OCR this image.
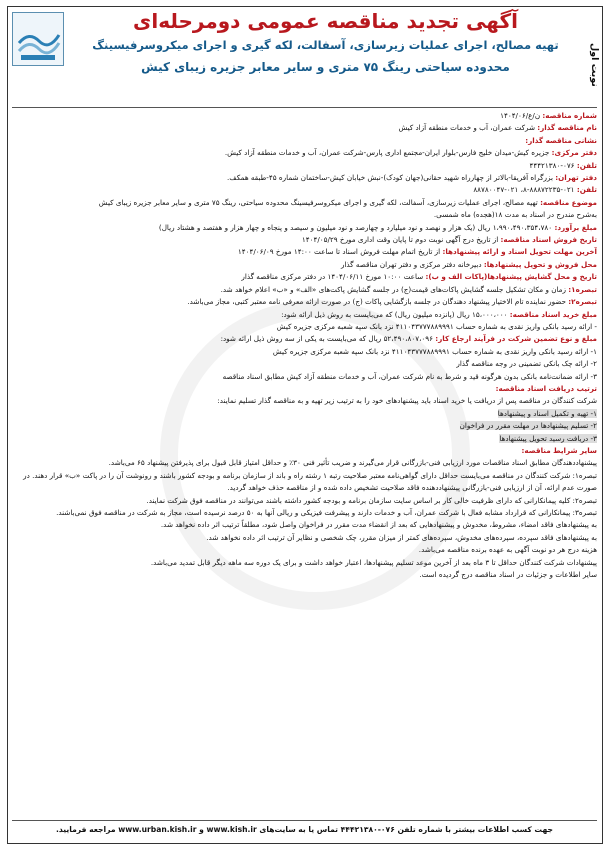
نوبت اول
آگهی تجدید مناقصه عمومی دومرحله‌ای
تهیه مصالح، اجرای عملیات زیرسازی، آسفالت، لکه گیری و اجرای میکروسرفیسینگ
محدوده سیاحتی رینگ ۷۵ متری و سایر معابر جزیره زیبای کیش

شماره مناقصه: ن/ع/۱۴۰۴/۰۶

نام مناقصه گذار: شرکت عمران، آب و خدمات منطقه آزاد کیش

نشانی مناقصه گذار:

دفتر مرکزی: جزیره کیش-میدان خلیج فارس-بلوار ایران-مجتمع اداری پارس-شرکت عمران، آب و خدمات منطقه آزاد کیش.

تلفن: ۰۷۶-۴۴۴۲۱۳۸۰

دفتر تهران: بزرگراه آفریقا-بالاتر از چهارراه شهید حقانی(جهان کودک)-نبش خیابان کیش-ساختمان شماره ۴۵-طبقه همکف.

تلفن: ۰۲۱-۸۸۸۷۲۲۳۵-۸، ۰۲۱-۸۸۷۸۰۰۴۷

موضوع مناقصه: تهیه مصالح، اجرای عملیات زیرسازی، آسفالت، لکه گیری و اجرای میکروسرفیسینگ محدوده سیاحتی، رینگ ۷۵ متری و سایر معابر جزیره زیبای کیش

به‌شرح مندرج در اسناد به مدت ۱۸(هجده) ماه شمسی.

مبلغ برآورد: ۱،۹۹۰،۴۹۰،۳۵۴،۷۸۰ ریال (یک هزار و نهصد و نود میلیارد و چهارصد و نود میلیون و سیصد و پنجاه و چهار هزار و هفتصد و هشتاد ریال)

تاریخ فروش اسناد مناقصه: از تاریخ درج آگهی نوبت دوم تا پایان وقت اداری مورخ ۱۴۰۴/۰۵/۲۹

آخرین مهلت تحویل اسناد و ارائه پیشنهادها: از تاریخ اتمام مهلت فروش اسناد تا ساعت ۱۴:۰۰ مورخ ۱۴۰۴/۰۶/۰۹

محل فروش و تحویل پیشنهادها: دبیرخانه دفتر مرکزی و دفتر تهران مناقصه گذار

تاریخ و محل گشایش پیشنهادها(پاکات الف و ب): ساعت ۱۰:۰۰ مورخ ۱۴۰۴/۰۶/۱۱ در دفتر مرکزی مناقصه گذار

تبصره۱: زمان و مکان تشکیل جلسه گشایش پاکات‌های قیمت(ج) در جلسه گشایش پاکت‌های «الف» و «ب» اعلام خواهد شد.

تبصره۲: حضور نماینده تام الاختیار پیشنهاد دهندگان در جلسه بازگشایی پاکات (ج) در صورت ارائه معرفی نامه معتبر کتبی، مجاز می‌باشد.

مبلغ خرید اسناد مناقصه: ۱۵،۰۰۰،۰۰۰ ریال (پانزده میلیون ریال) که می‌بایست به روش ذیل ارائه شود:

- ارائه رسید بانکی واریز نقدی به شماره حساب ۴۱۱۰۴۳۷۷۷۸۸۹۹۹۱ نزد بانک سپه شعبه مرکزی جزیره کیش

مبلغ و نوع تضمین شرکت در فرآیند ارجاع کار: ۵۲،۴۹۰،۸۰۷،۰۹۶ ریال که می‌بایست به یکی از سه روش ذیل ارائه شود:

۱- ارائه رسید بانکی واریز نقدی به شماره حساب ۴۱۱۰۴۳۷۷۷۸۸۹۹۹۱ نزد بانک سپه شعبه مرکزی جزیره کیش

۲- ارائه چک بانکی تضمینی در وجه مناقصه گذار

۳- ارائه ضمانت‌نامه بانکی بدون هرگونه قید و شرط به نام شرکت عمران، آب و خدمات منطقه آزاد کیش مطابق اسناد مناقصه

ترتیب دریافت اسناد مناقصه:

شرکت کنندگان در مناقصه پس از دریافت یا خرید اسناد باید پیشنهادهای خود را به ترتیب زیر تهیه و به مناقصه گذار تسلیم نمایند:

۱- تهیه و تکمیل اسناد و پیشنهادها

۲- تسلیم پیشنهادها در مهلت مقرر در فراخوان

۳- دریافت رسید تحویل پیشنهادها

سایر شرایط مناقصه:

پیشنهاددهندگان مطابق اسناد مناقصات مورد ارزیابی فنی-بازرگانی قرار می‌گیرند و ضریب تأثیر فنی ۳۰٪ و حداقل امتیاز قابل قبول برای پذیرفتن پیشنهاد ۶۵ می‌باشد.

تبصره۱: شرکت کنندگان در مناقصه می‌بایست حداقل دارای گواهی‌نامه معتبر صلاحیت رتبه ۱ رشته راه و باند از سازمان برنامه و بودجه کشور باشند و رونوشت آن را در پاکت «ب» قرار دهند. در صورت عدم ارائه، آن از ارزیابی فنی-بازرگانی پیشنهاددهنده فاقد صلاحیت تشخیص داده شده و از مناقصه حذف خواهد گردید.

تبصره۲: کلیه پیمانکارانی که دارای ظرفیت خالی کار بر اساس سایت سازمان برنامه و بودجه کشور داشته باشند می‌توانند در مناقصه فوق شرکت نمایند.

تبصره۳: پیمانکارانی که قرارداد مشابه فعال با شرکت عمران، آب و خدمات دارند و پیشرفت فیزیکی و ریالی آنها به ۵۰ درصد نرسیده است، مجاز به شرکت در مناقصه فوق نمی‌باشند.

به پیشنهادهای فاقد امضاء، مشروط، مخدوش و پیشنهادهایی که بعد از انقضاء مدت مقرر در فراخوان واصل شود، مطلقاً ترتیب اثر داده نخواهد شد.

به پیشنهادهای فاقد سپرده، سپرده‌های مخدوش، سپرده‌های کمتر از میزان مقرر، چک شخصی و نظایر آن ترتیب اثر داده نخواهد شد.

هزینه درج هر دو نوبت آگهی به عهده برنده مناقصه می‌باشد.

پیشنهادات شرکت کنندگان حداقل تا ۳ ماه بعد از آخرین موعد تسلیم پیشنهادها، اعتبار خواهد داشت و برای یک دوره سه ماهه دیگر قابل تمدید می‌باشد.

سایر اطلاعات و جزئیات در اسناد مناقصه درج گردیده است.

جهت کسب اطلاعات بیشتر با شماره تلفن ۰۷۶-۴۴۴۲۱۳۸۰ تماس یا به سایت‌های www.kish.ir و www.urban.kish.ir مراجعه فرمایید.
